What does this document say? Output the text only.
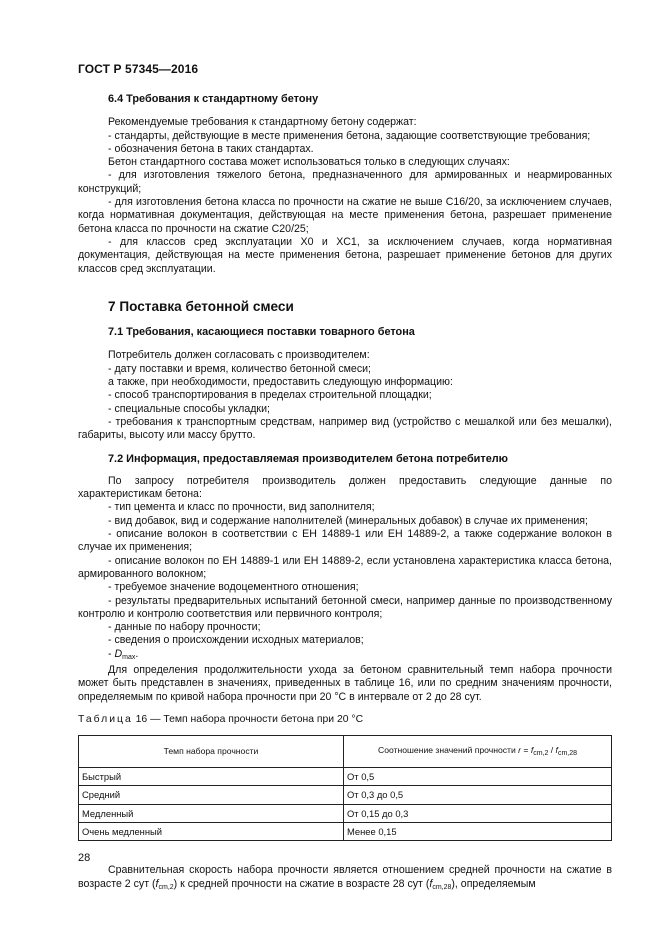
ГОСТ Р 57345—2016
6.4 Требования к стандартному бетону

Рекомендуемые требования к стандартному бетону содержат:

- стандарты, действующие в месте применения бетона, задающие соответствующие требования;

- обозначения бетона в таких стандартах.

Бетон стандартного состава может использоваться только в следующих случаях:

- для изготовления тяжелого бетона, предназначенного для армированных и неармированных конструкций;

- для изготовления бетона класса по прочности на сжатие не выше C16/20, за исключением случаев, когда нормативная документация, действующая на месте применения бетона, разрешает применение бетона класса по прочности на сжатие C20/25;

- для классов сред эксплуатации X0 и XC1, за исключением случаев, когда нормативная документация, действующая на месте применения бетона, разрешает применение бетонов для других классов сред эксплуатации.

7 Поставка бетонной смеси
7.1 Требования, касающиеся поставки товарного бетона

Потребитель должен согласовать с производителем:

- дату поставки и время, количество бетонной смеси;

а также, при необходимости, предоставить следующую информацию:

- способ транспортирования в пределах строительной площадки;

- специальные способы укладки;

- требования к транспортным средствам, например вид (устройство с мешалкой или без мешалки), габариты, высоту или массу брутто.

7.2 Информация, предоставляемая производителем бетона потребителю

По запросу потребителя производитель должен предоставить следующие данные по характеристикам бетона:

- тип цемента и класс по прочности, вид заполнителя;

- вид добавок, вид и содержание наполнителей (минеральных добавок) в случае их применения;

- описание волокон в соответствии с ЕН 14889-1 или ЕН 14889-2, а также содержание волокон в случае их применения;

- описание волокон по ЕН 14889-1 или ЕН 14889-2, если установлена характеристика класса бетона, армированного волокном;

- требуемое значение водоцементного отношения;

- результаты предварительных испытаний бетонной смеси, например данные по производственному контролю и контролю соответствия или первичного контроля;

- данные по набору прочности;

- сведения о происхождении исходных материалов;

- $D_{max}$.

Для определения продолжительности ухода за бетоном сравнительный темп набора прочности может быть представлен в значениях, приведенных в таблице 16, или по средним значениям прочности, определяемым по кривой набора прочности при 20 °C в интервале от 2 до 28 сут.

Таблица 16 — Темп набора прочности бетона при 20 °C
Темп набора прочности	Соотношение значений прочности $r = f_{cm,2} / f_{cm,28}$
Быстрый	От 0,5
Средний	От 0,3 до 0,5
Медленный	От 0,15 до 0,3
Очень медленный	Менее 0,15

Сравнительная скорость набора прочности является отношением средней прочности на сжатие в возрасте 2 сут $(f_{cm,2})$ к средней прочности на сжатие в возрасте 28 сут $(f_{cm,28})$, определяемым

28
